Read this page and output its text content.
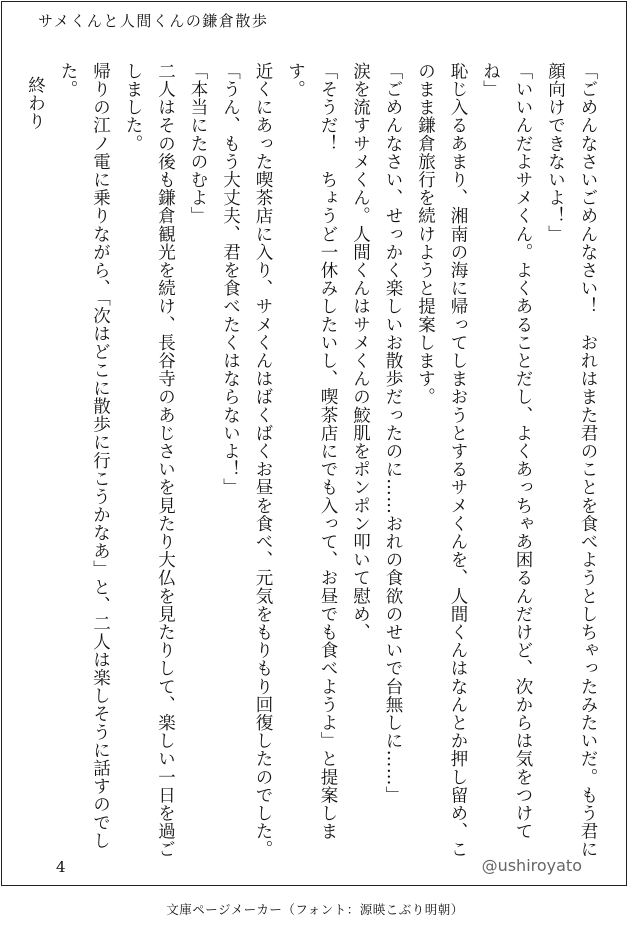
サメくんと人間くんの鎌倉散歩

「ごめんなさいごめんなさい！　おれはまた君のことを食べようとしちゃったみたいだ。もう君に顔向けできないよ！」

「いいんだよサメくん。よくあることだし、よくあっちゃあ困るんだけど、次からは気をつけてね」

恥じ入るあまり、湘南の海に帰ってしまおうとするサメくんを、人間くんはなんとか押し留め、このまま鎌倉旅行を続けようと提案します。

「ごめんなさい、せっかく楽しいお散歩だったのに……おれの食欲のせいで台無しに……」

涙を流すサメくん。人間くんはサメくんの鮫肌をポンポン叩いて慰め、

「そうだ！　ちょうど一休みしたいし、喫茶店にでも入って、お昼でも食べようよ」と提案します。

近くにあった喫茶店に入り、サメくんはばくばくお昼を食べ、元気をもりもり回復したのでした。

「うん、もう大丈夫、君を食べたくはならないよ！」

「本当にたのむよ」

二人はその後も鎌倉観光を続け、長谷寺のあじさいを見たり大仏を見たりして、楽しい一日を過ごしました。

帰りの江ノ電に乗りながら、「次はどこに散歩に行こうかなあ」と、二人は楽しそうに話すのでした。

終わり

4	@ushiroyato
文庫ページメーカー（フォント：源暎こぶり明朝）
